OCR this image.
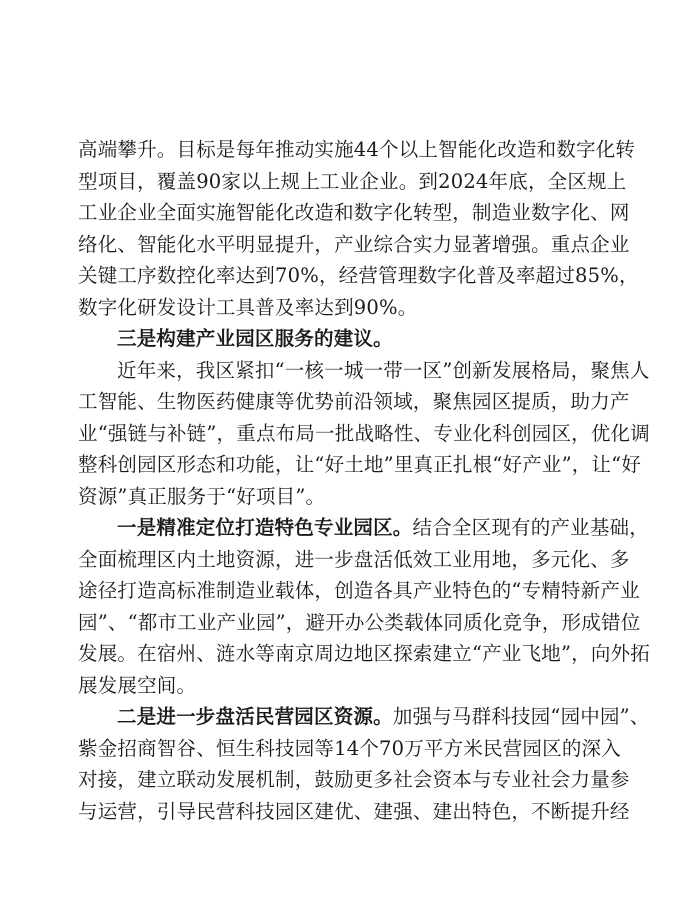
高端攀升。目标是每年推动实施44个以上智能化改造和数字化转
型项目，覆盖90家以上规上工业企业。到2024年底，全区规上
工业企业全面实施智能化改造和数字化转型，制造业数字化、网
络化、智能化水平明显提升，产业综合实力显著增强。重点企业
关键工序数控化率达到70%，经营管理数字化普及率超过85%，
数字化研发设计工具普及率达到90%。
三是构建产业园区服务的建议。
近年来，我区紧扣“一核一城一带一区”创新发展格局，聚焦人
工智能、生物医药健康等优势前沿领域，聚焦园区提质，助力产
业“强链与补链”，重点布局一批战略性、专业化科创园区，优化调
整科创园区形态和功能，让“好土地”里真正扎根“好产业”，让“好
资源”真正服务于“好项目”。
一是精准定位打造特色专业园区。结合全区现有的产业基础，
全面梳理区内土地资源，进一步盘活低效工业用地，多元化、多
途径打造高标准制造业载体，创造各具产业特色的“专精特新产业
园”、“都市工业产业园”，避开办公类载体同质化竞争，形成错位
发展。在宿州、涟水等南京周边地区探索建立“产业飞地”，向外拓
展发展空间。
二是进一步盘活民营园区资源。加强与马群科技园“园中园”、
紫金招商智谷、恒生科技园等14个70万平方米民营园区的深入
对接，建立联动发展机制，鼓励更多社会资本与专业社会力量参
与运营，引导民营科技园区建优、建强、建出特色，不断提升经
